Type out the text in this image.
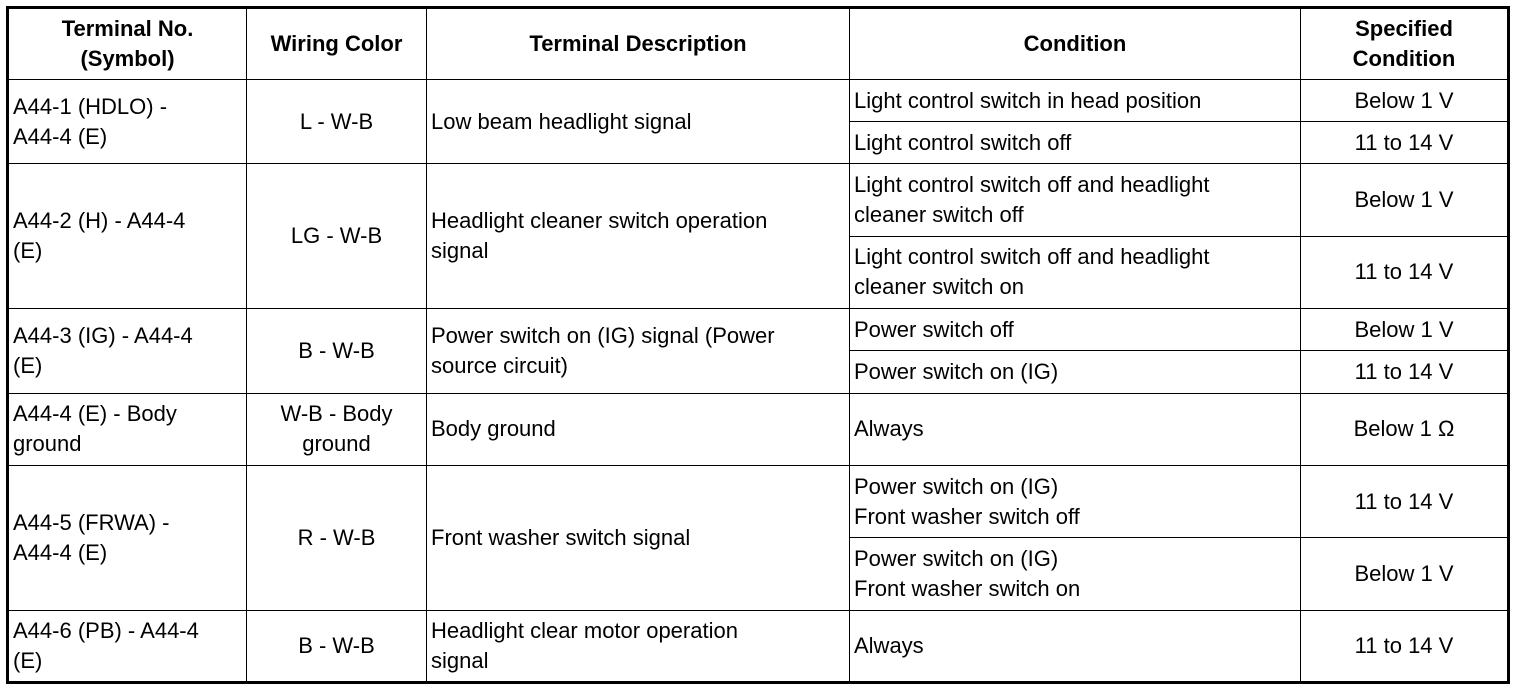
Terminal No.
(Symbol)	Wiring Color	Terminal Description	Condition	Specified
Condition
A44-1 (HDLO) -
A44-4 (E)	L - W-B	Low beam headlight signal	Light control switch in head position	Below 1 V
			Light control switch off	11 to 14 V
A44-2 (H) - A44-4
(E)	LG - W-B	Headlight cleaner switch operation
signal	Light control switch off and headlight
cleaner switch off	Below 1 V
			Light control switch off and headlight
cleaner switch on	11 to 14 V
A44-3 (IG) - A44-4
(E)	B - W-B	Power switch on (IG) signal (Power
source circuit)	Power switch off	Below 1 V
			Power switch on (IG)	11 to 14 V
A44-4 (E) - Body
ground	W-B - Body
ground	Body ground	Always	Below 1 Ω
A44-5 (FRWA) -
A44-4 (E)	R - W-B	Front washer switch signal	Power switch on (IG)
Front washer switch off	11 to 14 V
			Power switch on (IG)
Front washer switch on	Below 1 V
A44-6 (PB) - A44-4
(E)	B - W-B	Headlight clear motor operation
signal	Always	11 to 14 V
